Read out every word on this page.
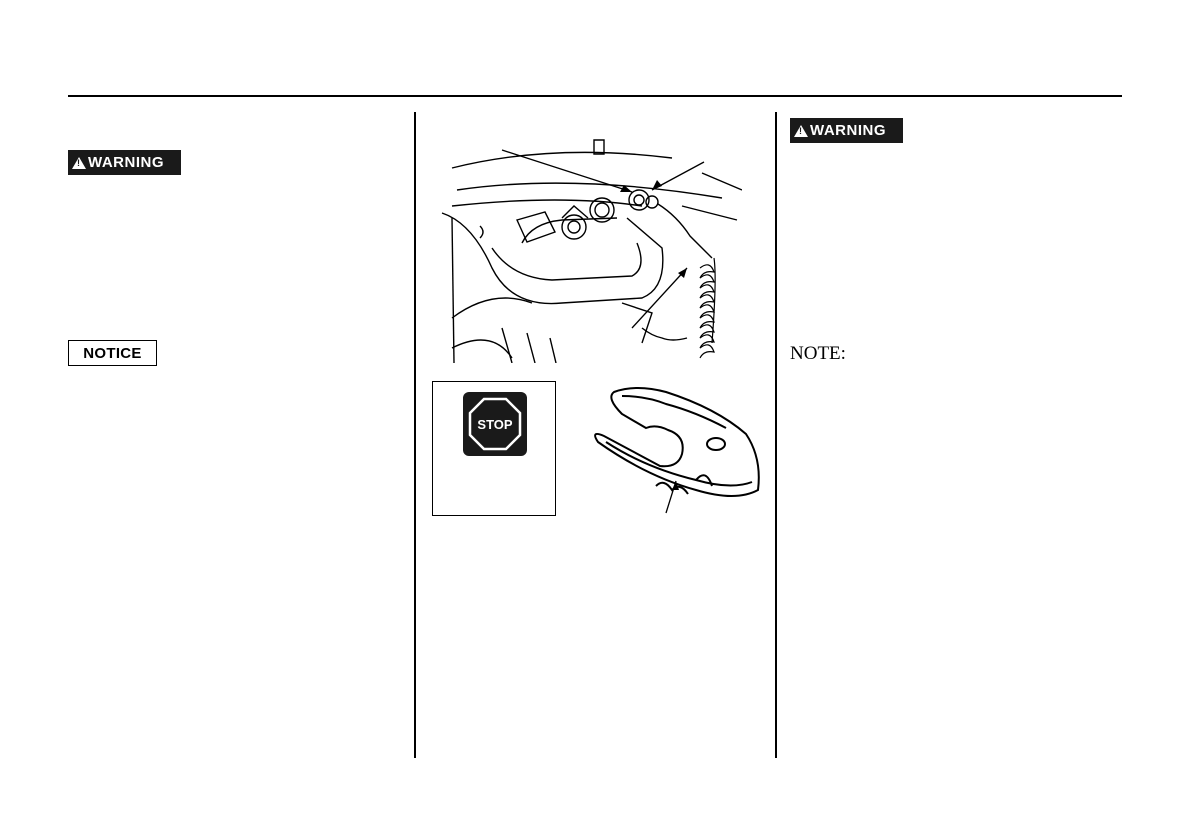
!
WARNING
NOTICE
!
WARNING
NOTE:
STOP
